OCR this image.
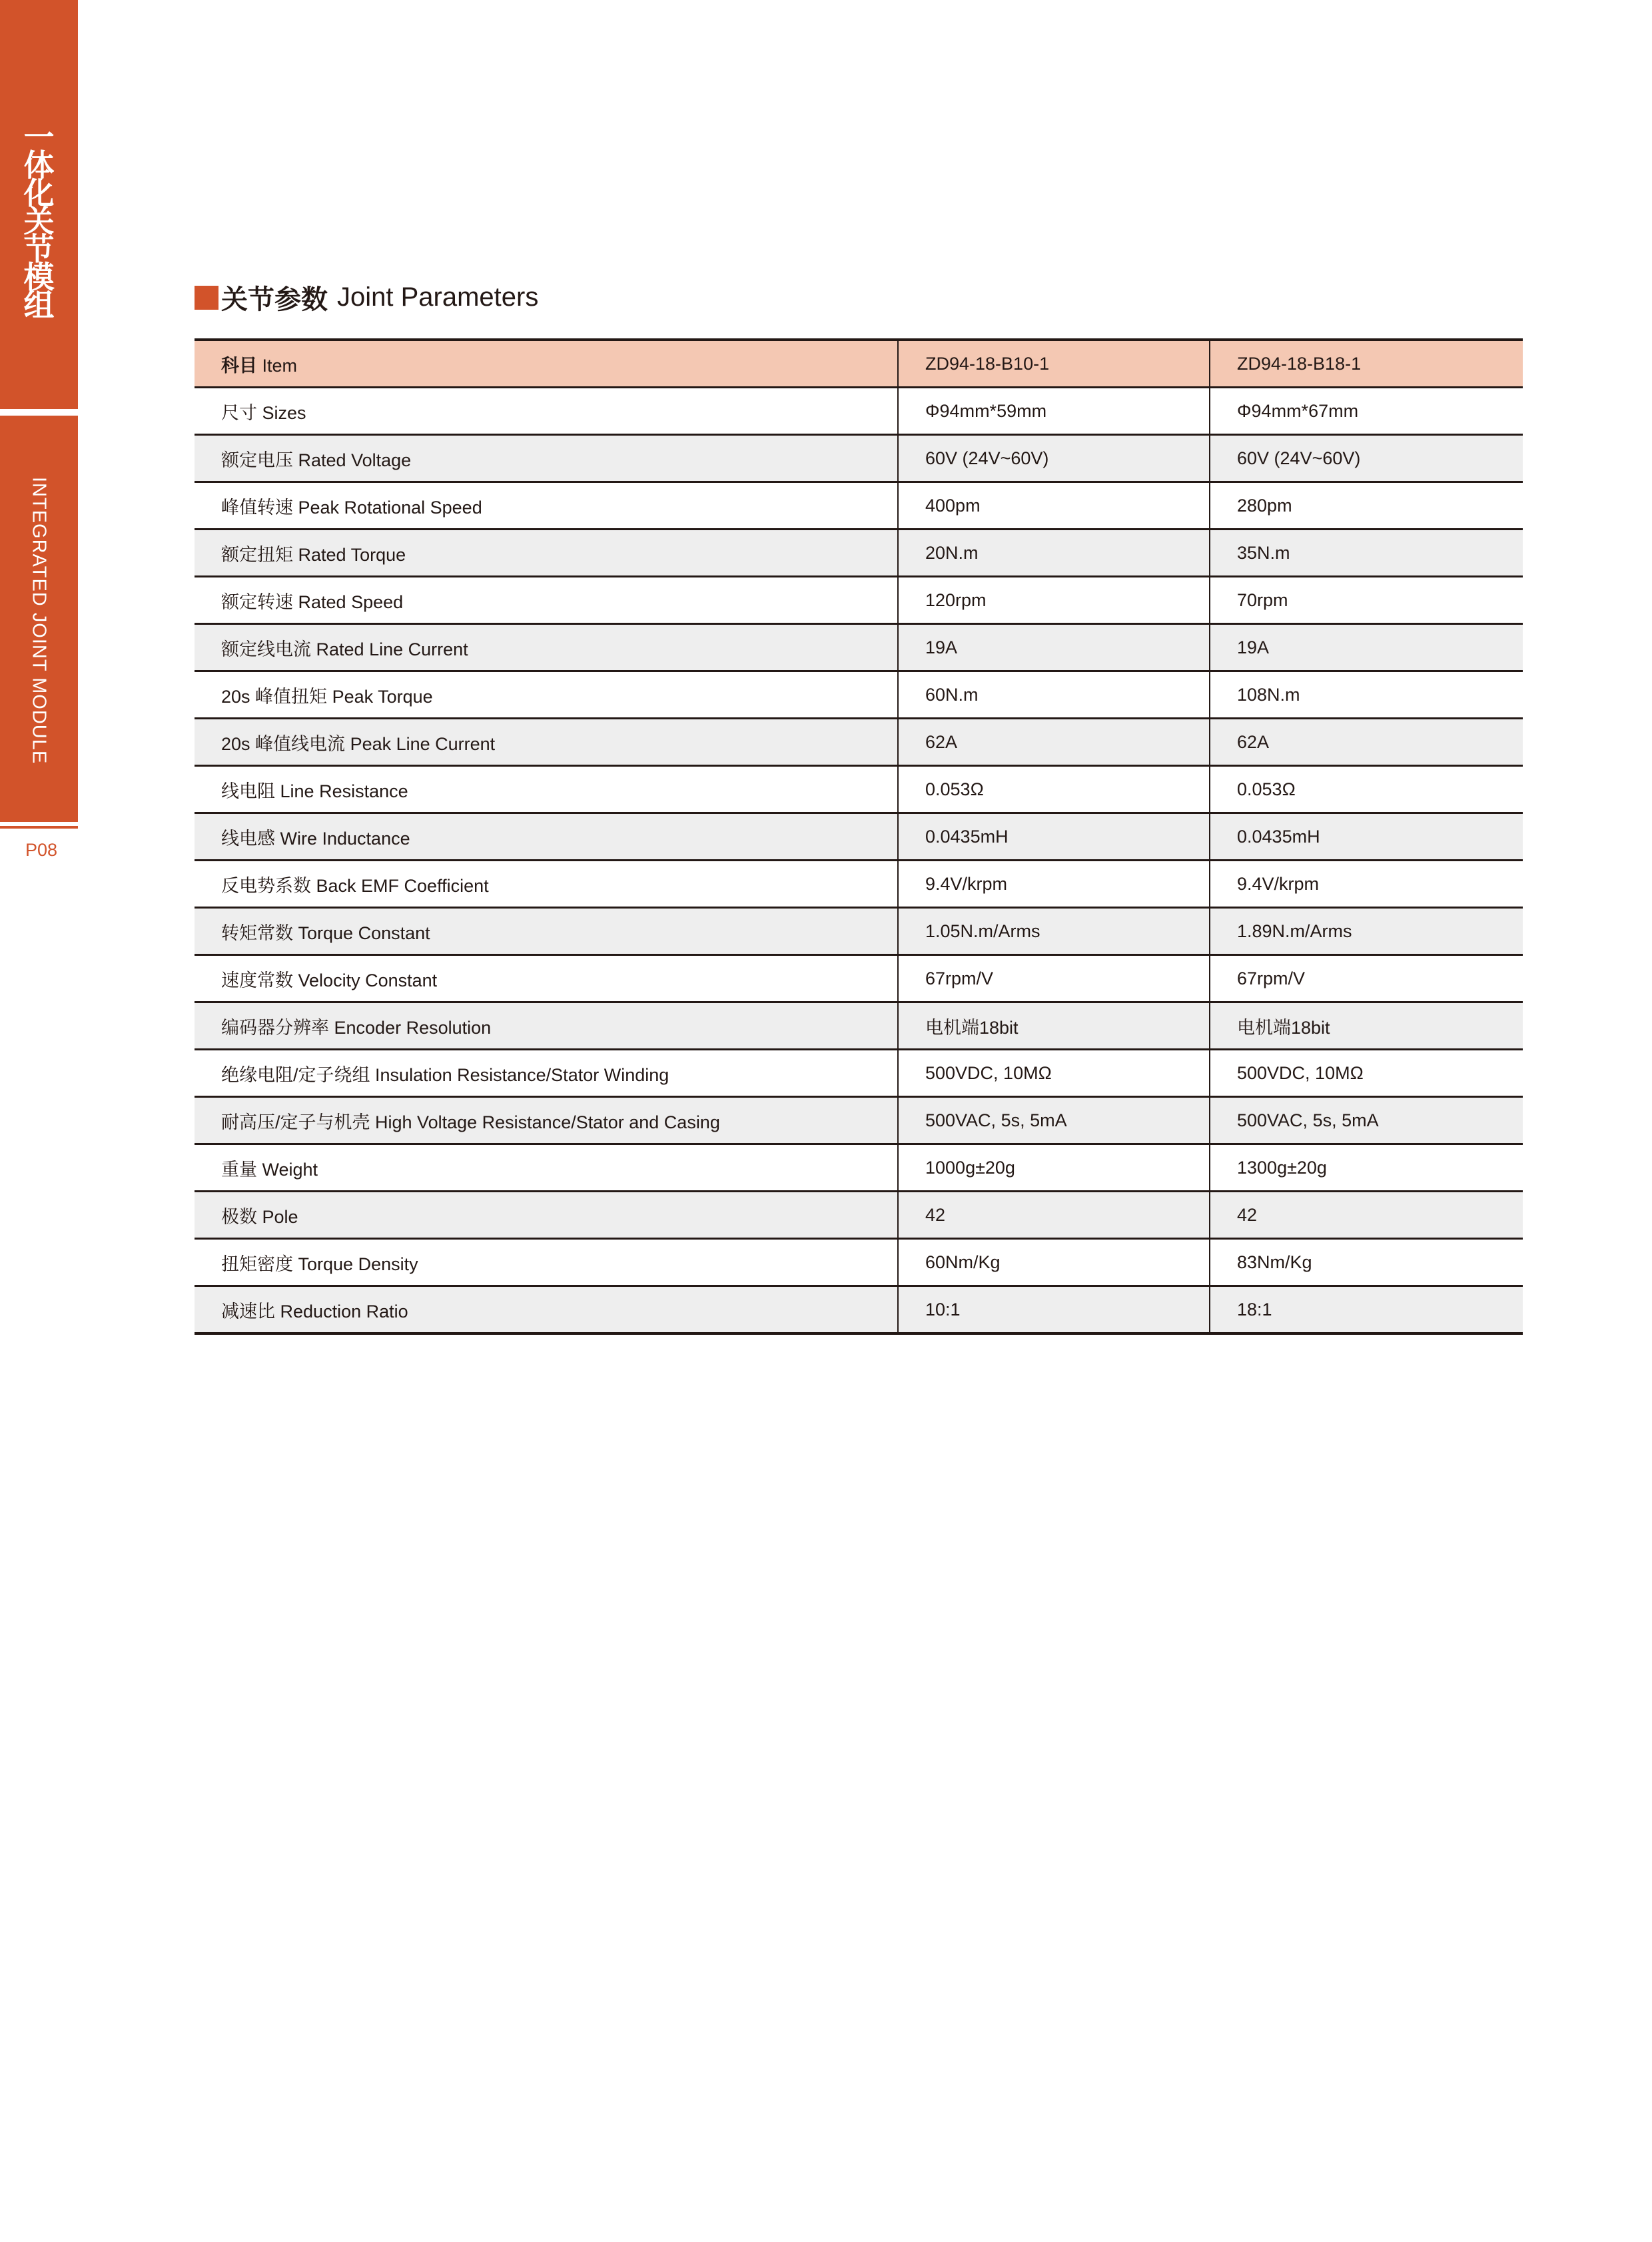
一
体
化
关
节
模
组
INTEGRATED JOINT MODULE
P08
关节参数 Joint Parameters
科目 Item	ZD94-18-B10-1	ZD94-18-B18-1
尺寸 Sizes	Φ94mm*59mm	Φ94mm*67mm
额定电压 Rated Voltage	60V (24V~60V)	60V (24V~60V)
峰值转速 Peak Rotational Speed	400pm	280pm
额定扭矩 Rated Torque	20N.m	35N.m
额定转速 Rated Speed	120rpm	70rpm
额定线电流 Rated Line Current	19A	19A
20s 峰值扭矩 Peak Torque	60N.m	108N.m
20s 峰值线电流 Peak Line Current	62A	62A
线电阻 Line Resistance	0.053Ω	0.053Ω
线电感 Wire Inductance	0.0435mH	0.0435mH
反电势系数 Back EMF Coefficient	9.4V/krpm	9.4V/krpm
转矩常数 Torque Constant	1.05N.m/Arms	1.89N.m/Arms
速度常数 Velocity Constant	67rpm/V	67rpm/V
编码器分辨率 Encoder Resolution	电机端18bit	电机端18bit
绝缘电阻/定子绕组 Insulation Resistance/Stator Winding	500VDC, 10MΩ	500VDC, 10MΩ
耐高压/定子与机壳 High Voltage Resistance/Stator and Casing	500VAC, 5s, 5mA	500VAC, 5s, 5mA
重量 Weight	1000g±20g	1300g±20g
极数 Pole	42	42
扭矩密度 Torque Density	60Nm/Kg	83Nm/Kg
减速比 Reduction Ratio	10:1	18:1
